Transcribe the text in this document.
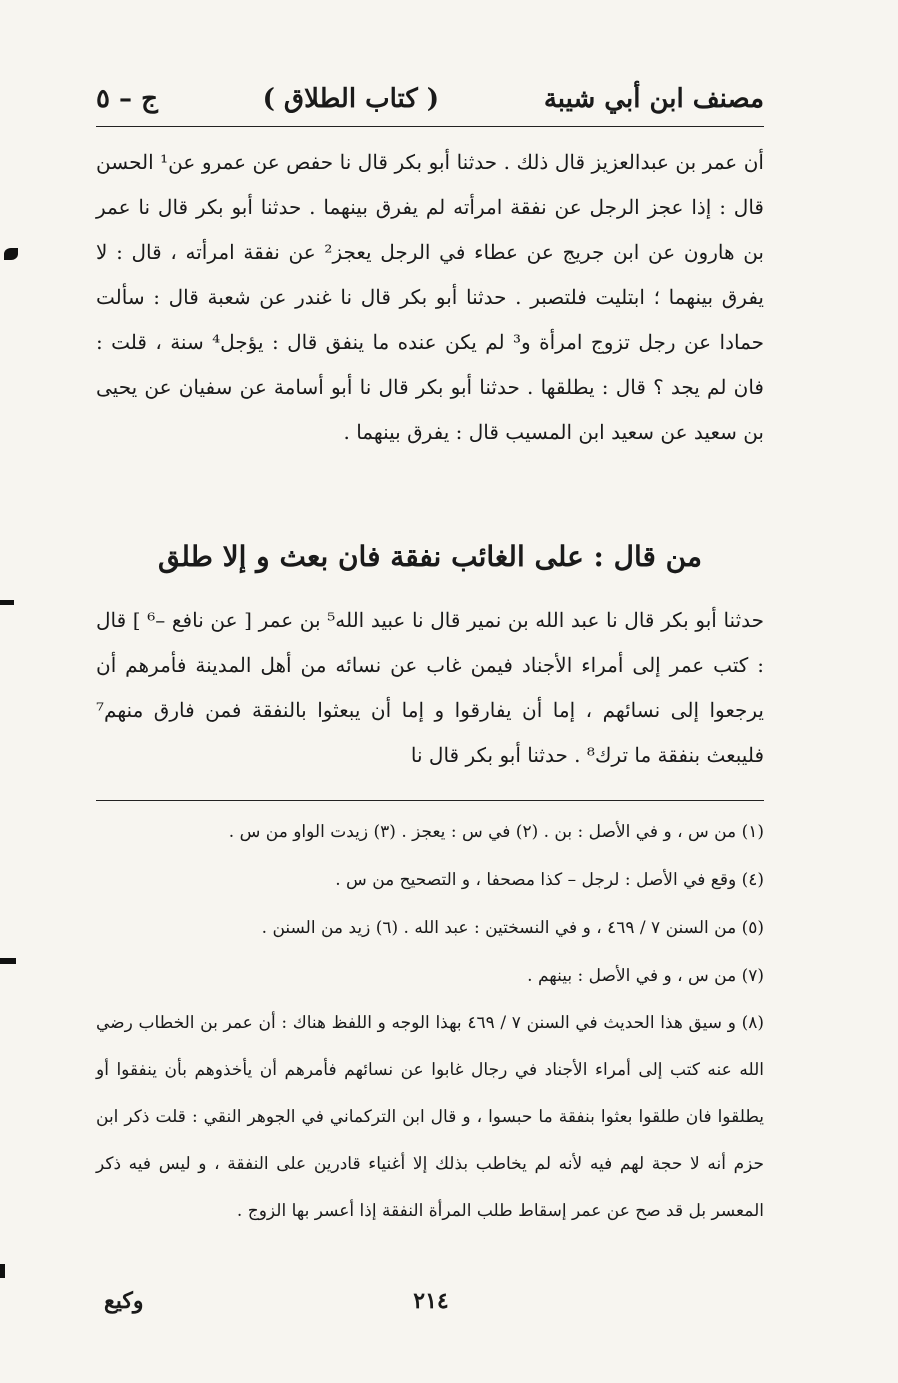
مصنف ابن أبي شيبة
( كتاب الطلاق )
ج – ٥

أن عمر بن عبدالعزيز قال ذلك . حدثنا أبو بكر قال نا حفص عن عمرو عن¹ الحسن قال : إذا عجز الرجل عن نفقة امرأته لم يفرق بينهما . حدثنا أبو بكر قال نا عمر بن هارون عن ابن جريج عن عطاء في الرجل يعجز² عن نفقة امرأته ، قال : لا يفرق بينهما ؛ ابتليت فلتصبر . حدثنا أبو بكر قال نا غندر عن شعبة قال : سألت حمادا عن رجل تزوج امرأة و³ لم يكن عنده ما ينفق قال : يؤجل⁴ سنة ، قلت : فان لم يجد ؟ قال : يطلقها . حدثنا أبو بكر قال نا أبو أسامة عن سفيان عن يحيى بن سعيد عن سعيد ابن المسيب قال : يفرق بينهما .

من قال : على الغائب نفقة فان بعث و إلا طلق

حدثنا أبو بكر قال نا عبد الله بن نمير قال نا عبيد الله⁵ بن عمر [ عن نافع –⁶ ] قال : كتب عمر إلى أمراء الأجناد فيمن غاب عن نسائه من أهل المدينة فأمرهم أن يرجعوا إلى نسائهم ، إما أن يفارقوا و إما أن يبعثوا بالنفقة فمن فارق منهم⁷ فليبعث بنفقة ما ترك⁸ . حدثنا أبو بكر قال نا

(١) من س ، و في الأصل : بن . (٢) في س : يعجز . (٣) زيدت الواو من س .
(٤) وقع في الأصل : لرجل – كذا مصحفا ، و التصحيح من س .
(٥) من السنن ٧ / ٤٦٩ ، و في النسختين : عبد الله . (٦) زيد من السنن .
(٧) من س ، و في الأصل : بينهم .

(٨) و سيق هذا الحديث في السنن ٧ / ٤٦٩ بهذا الوجه و اللفظ هناك : أن عمر بن الخطاب رضي الله عنه كتب إلى أمراء الأجناد في رجال غابوا عن نسائهم فأمرهم أن يأخذوهم بأن ينفقوا أو يطلقوا فان طلقوا بعثوا بنفقة ما حبسوا ، و قال ابن التركماني في الجوهر النقي : قلت ذكر ابن حزم أنه لا حجة لهم فيه لأنه لم يخاطب بذلك إلا أغنياء قادرين على النفقة ، و ليس فيه ذكر المعسر بل قد صح عن عمر إسقاط طلب المرأة النفقة إذا أعسر بها الزوج .

٢١٤
وكيع
